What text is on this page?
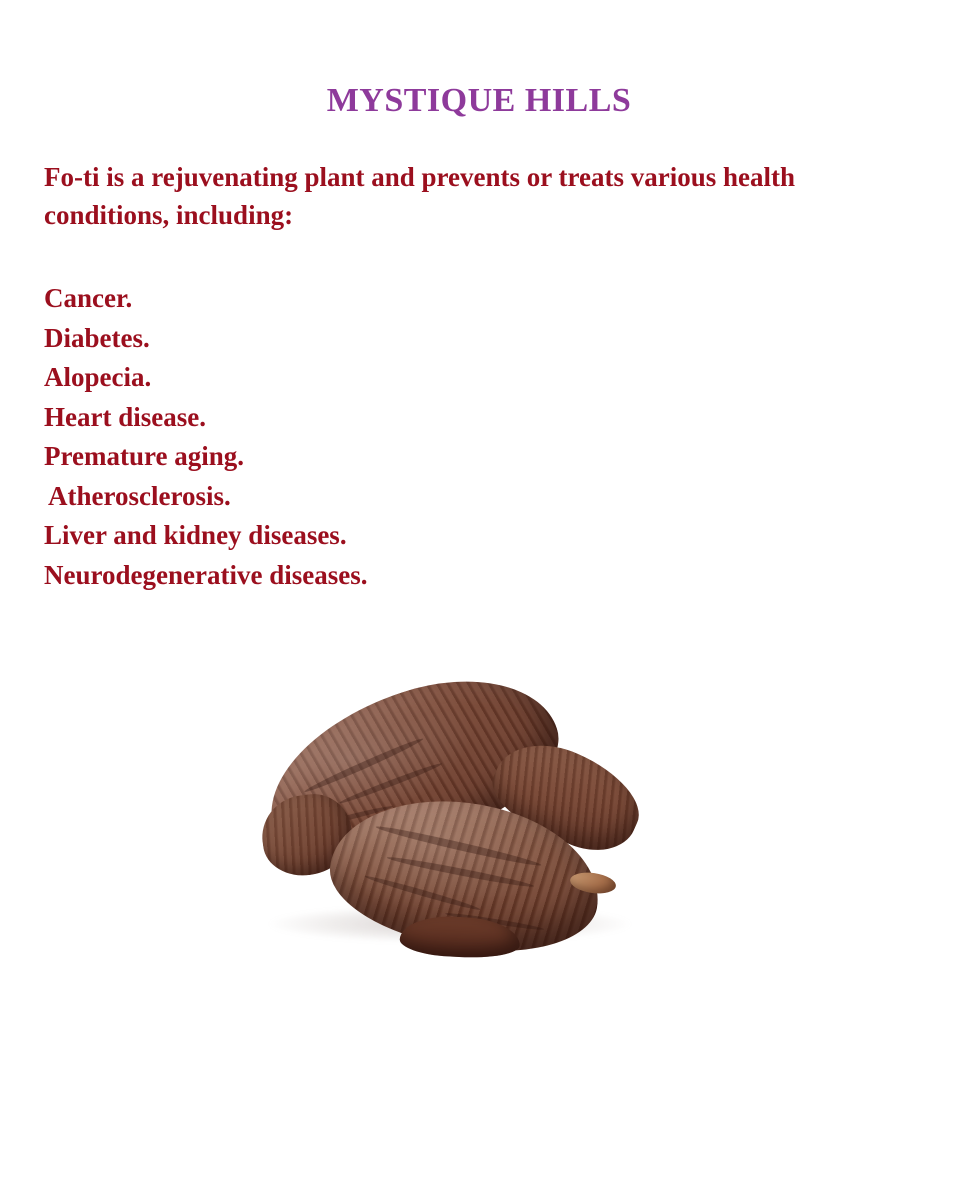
MYSTIQUE HILLS
Fo-ti is a rejuvenating plant and prevents or treats various health conditions, including:
Cancer.
Diabetes.
Alopecia.
Heart disease.
Premature aging.
Atherosclerosis.
Liver and kidney diseases.
Neurodegenerative diseases.
